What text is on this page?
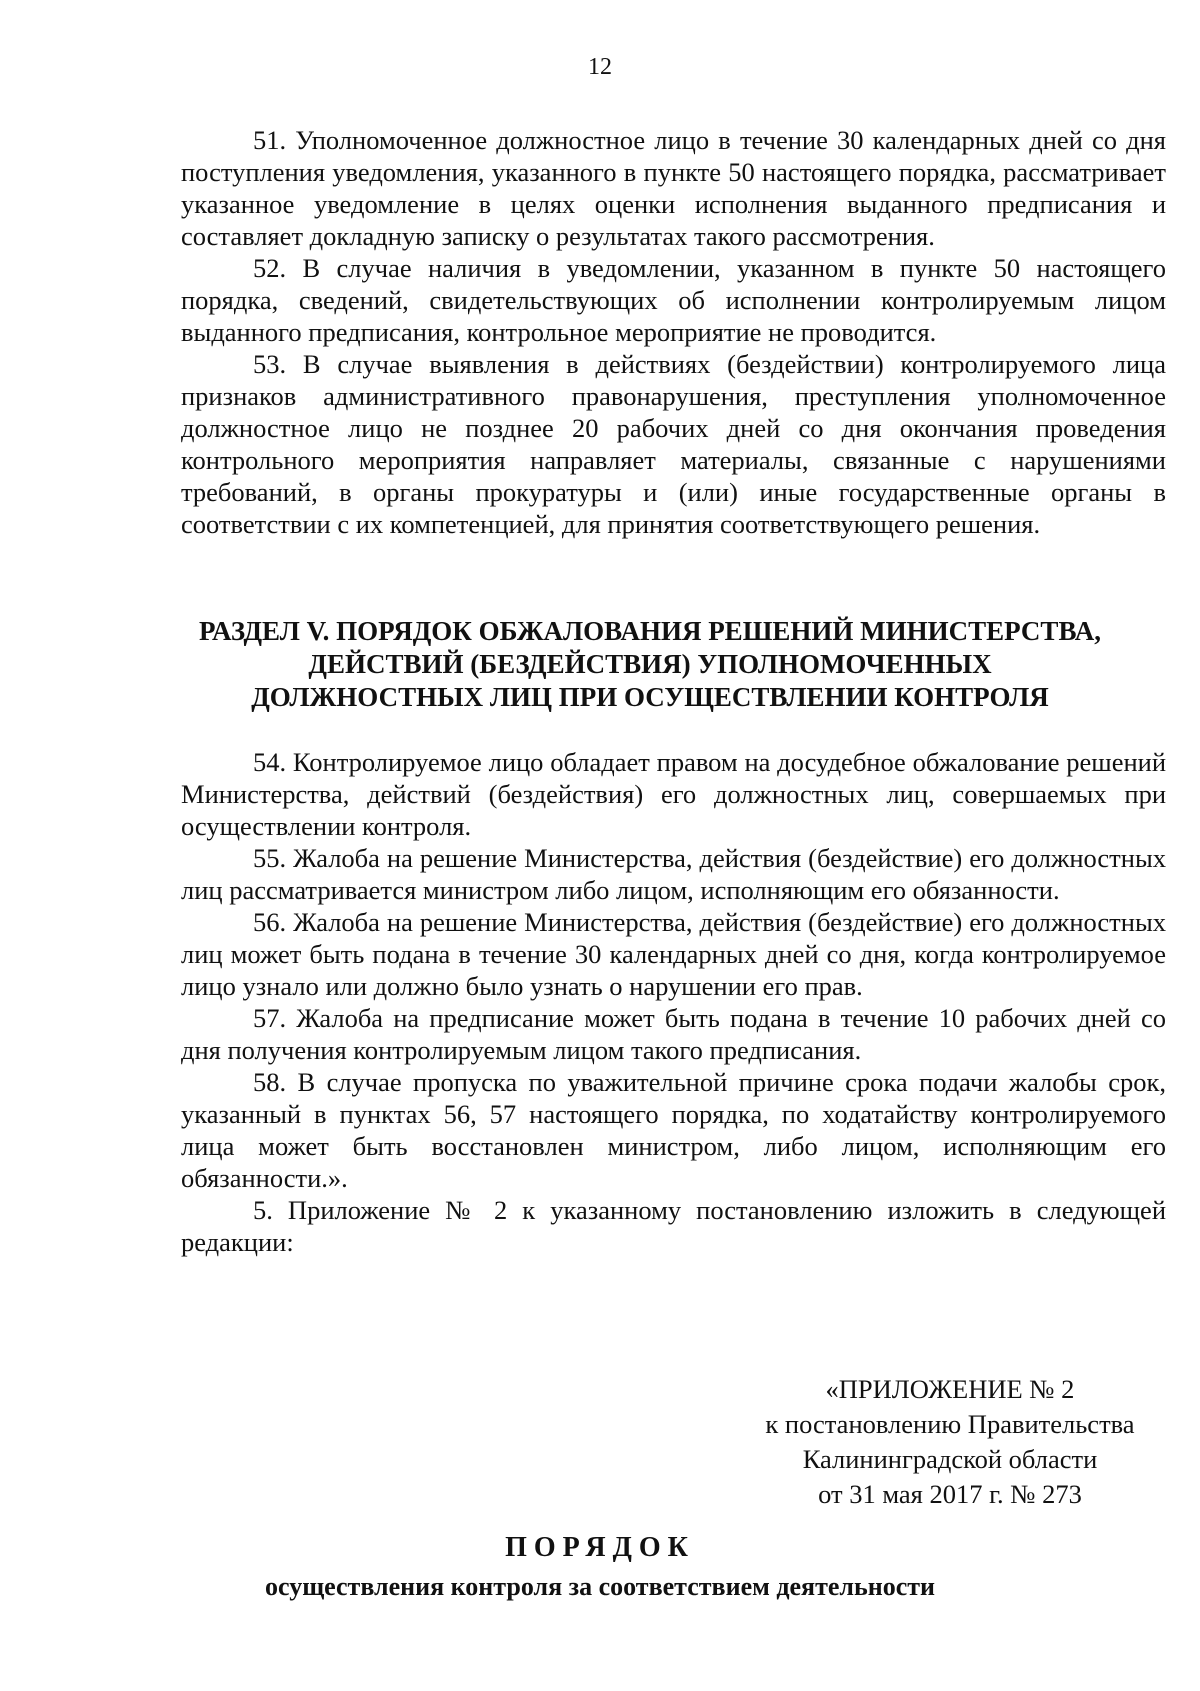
12

51. Уполномоченное должностное лицо в течение 30 календарных дней со дня поступления уведомления, указанного в пункте 50 настоящего порядка, рассматривает указанное уведомление в целях оценки исполнения выданного предписания и составляет докладную записку о результатах такого рассмотрения.

52. В случае наличия в уведомлении, указанном в пункте 50 настоящего порядка, сведений, свидетельствующих об исполнении контролируемым лицом выданного предписания, контрольное мероприятие не проводится.

53. В случае выявления в действиях (бездействии) контролируемого лица признаков административного правонарушения, преступления уполномоченное должностное лицо не позднее 20 рабочих дней со дня окончания проведения контрольного мероприятия направляет материалы, связанные с нарушениями требований, в органы прокуратуры и (или) иные государственные органы в соответствии с их компетенцией, для принятия соответствующего решения.

РАЗДЕЛ V. ПОРЯДОК ОБЖАЛОВАНИЯ РЕШЕНИЙ МИНИСТЕРСТВА,
ДЕЙСТВИЙ (БЕЗДЕЙСТВИЯ) УПОЛНОМОЧЕННЫХ
ДОЛЖНОСТНЫХ ЛИЦ ПРИ ОСУЩЕСТВЛЕНИИ КОНТРОЛЯ

54. Контролируемое лицо обладает правом на досудебное обжалование решений Министерства, действий (бездействия) его должностных лиц, совершаемых при осуществлении контроля.

55. Жалоба на решение Министерства, действия (бездействие) его должностных лиц рассматривается министром либо лицом, исполняющим его обязанности.

56. Жалоба на решение Министерства, действия (бездействие) его должностных лиц может быть подана в течение 30 календарных дней со дня, когда контролируемое лицо узнало или должно было узнать о нарушении его прав.

57. Жалоба на предписание может быть подана в течение 10 рабочих дней со дня получения контролируемым лицом такого предписания.

58. В случае пропуска по уважительной причине срока подачи жалобы срок, указанный в пунктах 56, 57 настоящего порядка, по ходатайству контролируемого лица может быть восстановлен министром, либо лицом, исполняющим его обязанности.».

5. Приложение № 2 к указанному постановлению изложить в следующей редакции:

«ПРИЛОЖЕНИЕ № 2
к постановлению Правительства
Калининградской области
от 31 мая 2017 г. № 273
ПОРЯДОК
осуществления контроля за соответствием деятельности
